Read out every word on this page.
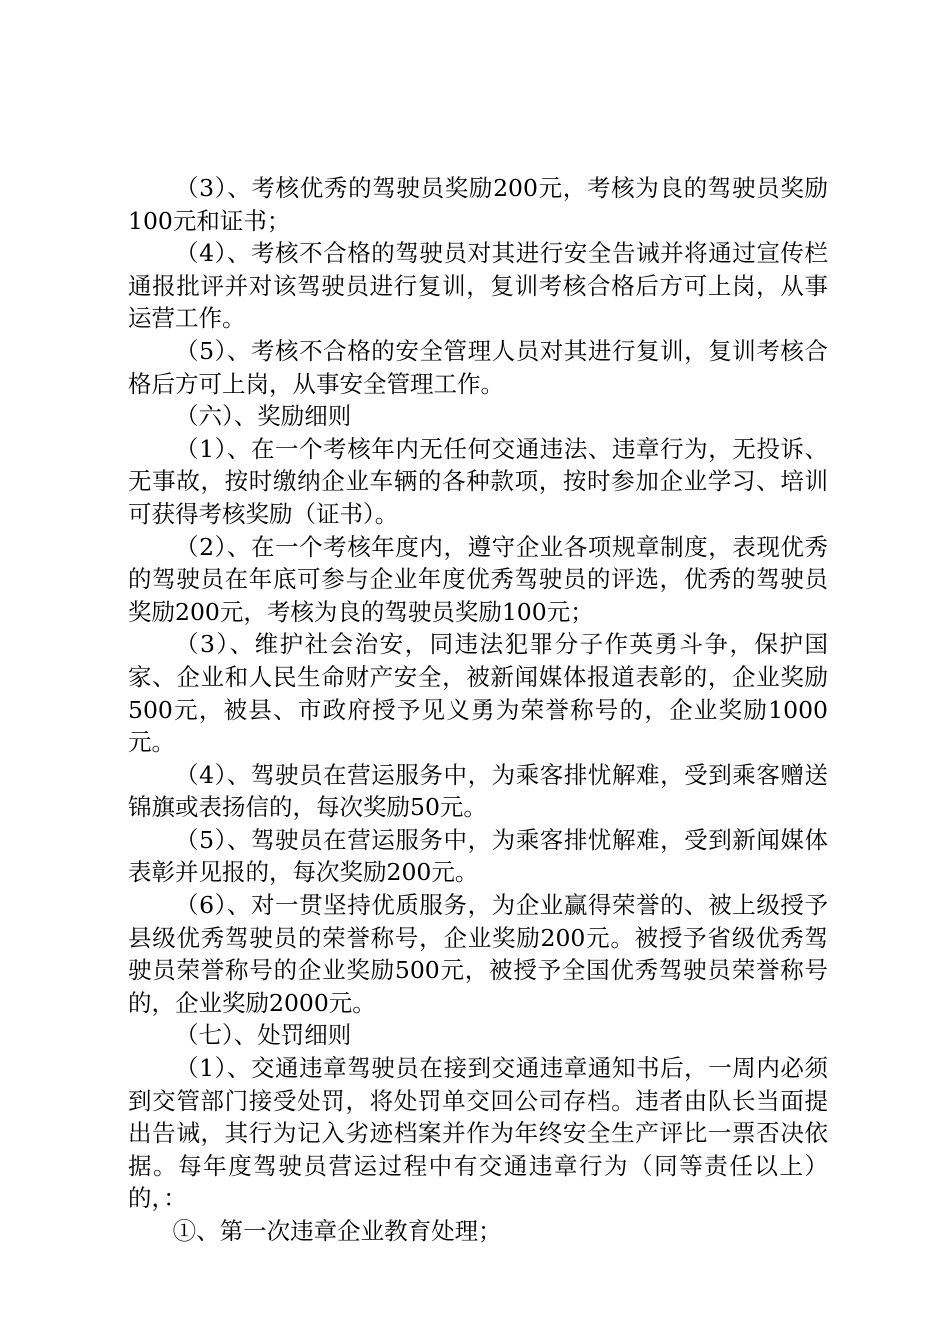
（3）、考核优秀的驾驶员奖励200元，考核为良的驾驶员奖励100元和证书；

（4）、考核不合格的驾驶员对其进行安全告诫并将通过宣传栏通报批评并对该驾驶员进行复训，复训考核合格后方可上岗，从事运营工作。

（5）、考核不合格的安全管理人员对其进行复训，复训考核合格后方可上岗，从事安全管理工作。

（六）、奖励细则

（1）、在一个考核年内无任何交通违法、违章行为，无投诉、无事故，按时缴纳企业车辆的各种款项，按时参加企业学习、培训可获得考核奖励（证书）。

（2）、在一个考核年度内，遵守企业各项规章制度，表现优秀的驾驶员在年底可参与企业年度优秀驾驶员的评选，优秀的驾驶员奖励200元，考核为良的驾驶员奖励100元；

（3）、维护社会治安，同违法犯罪分子作英勇斗争，保护国家、企业和人民生命财产安全，被新闻媒体报道表彰的，企业奖励500元，被县、市政府授予见义勇为荣誉称号的，企业奖励1000元。

（4）、驾驶员在营运服务中，为乘客排忧解难，受到乘客赠送锦旗或表扬信的，每次奖励50元。

（5）、驾驶员在营运服务中，为乘客排忧解难，受到新闻媒体表彰并见报的，每次奖励200元。

（6）、对一贯坚持优质服务，为企业赢得荣誉的、被上级授予县级优秀驾驶员的荣誉称号，企业奖励200元。被授予省级优秀驾驶员荣誉称号的企业奖励500元，被授予全国优秀驾驶员荣誉称号的，企业奖励2000元。

（七）、处罚细则

（1）、交通违章驾驶员在接到交通违章通知书后，一周内必须到交管部门接受处罚，将处罚单交回公司存档。违者由队长当面提出告诫，其行为记入劣迹档案并作为年终安全生产评比一票否决依据。每年度驾驶员营运过程中有交通违章行为（同等责任以上）的，：

①、第一次违章企业教育处理；
